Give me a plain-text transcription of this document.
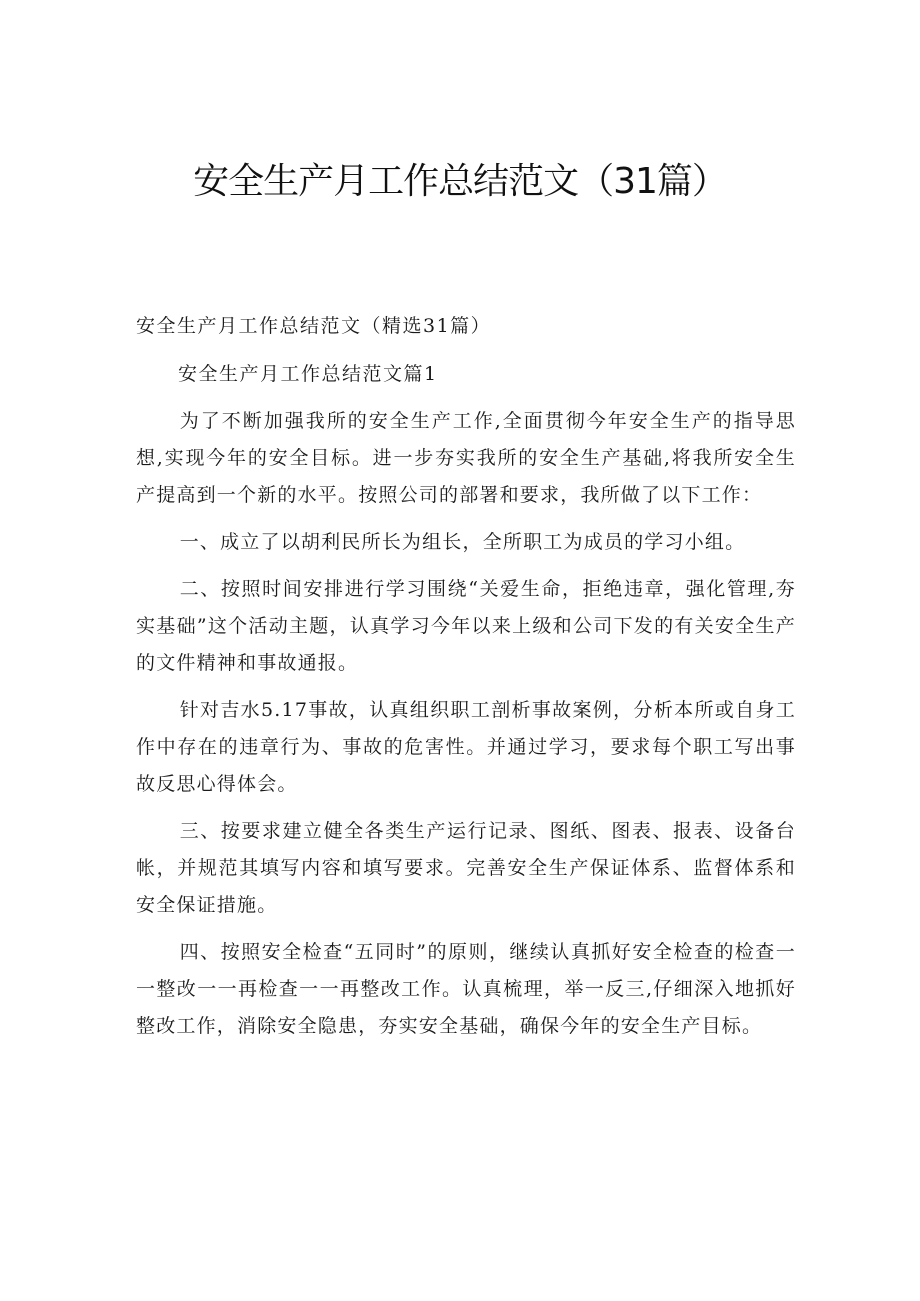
安全生产月工作总结范文（31篇）
安全生产月工作总结范文（精选31篇）
安全生产月工作总结范文篇1

为了不断加强我所的安全生产工作,全面贯彻今年安全生产的指导思想,实现今年的安全目标。进一步夯实我所的安全生产基础,将我所安全生产提高到一个新的水平。按照公司的部署和要求，我所做了以下工作：

一、成立了以胡利民所长为组长，全所职工为成员的学习小组。

二、按照时间安排进行学习围绕“关爱生命，拒绝违章，强化管理,夯实基础”这个活动主题，认真学习今年以来上级和公司下发的有关安全生产的文件精神和事故通报。

针对吉水5.17事故，认真组织职工剖析事故案例，分析本所或自身工作中存在的违章行为、事故的危害性。并通过学习，要求每个职工写出事故反思心得体会。

三、按要求建立健全各类生产运行记录、图纸、图表、报表、设备台帐，并规范其填写内容和填写要求。完善安全生产保证体系、监督体系和安全保证措施。

四、按照安全检查“五同时”的原则，继续认真抓好安全检查的检查一一整改一一再检查一一再整改工作。认真梳理，举一反三,仔细深入地抓好整改工作，消除安全隐患，夯实安全基础，确保今年的安全生产目标。
